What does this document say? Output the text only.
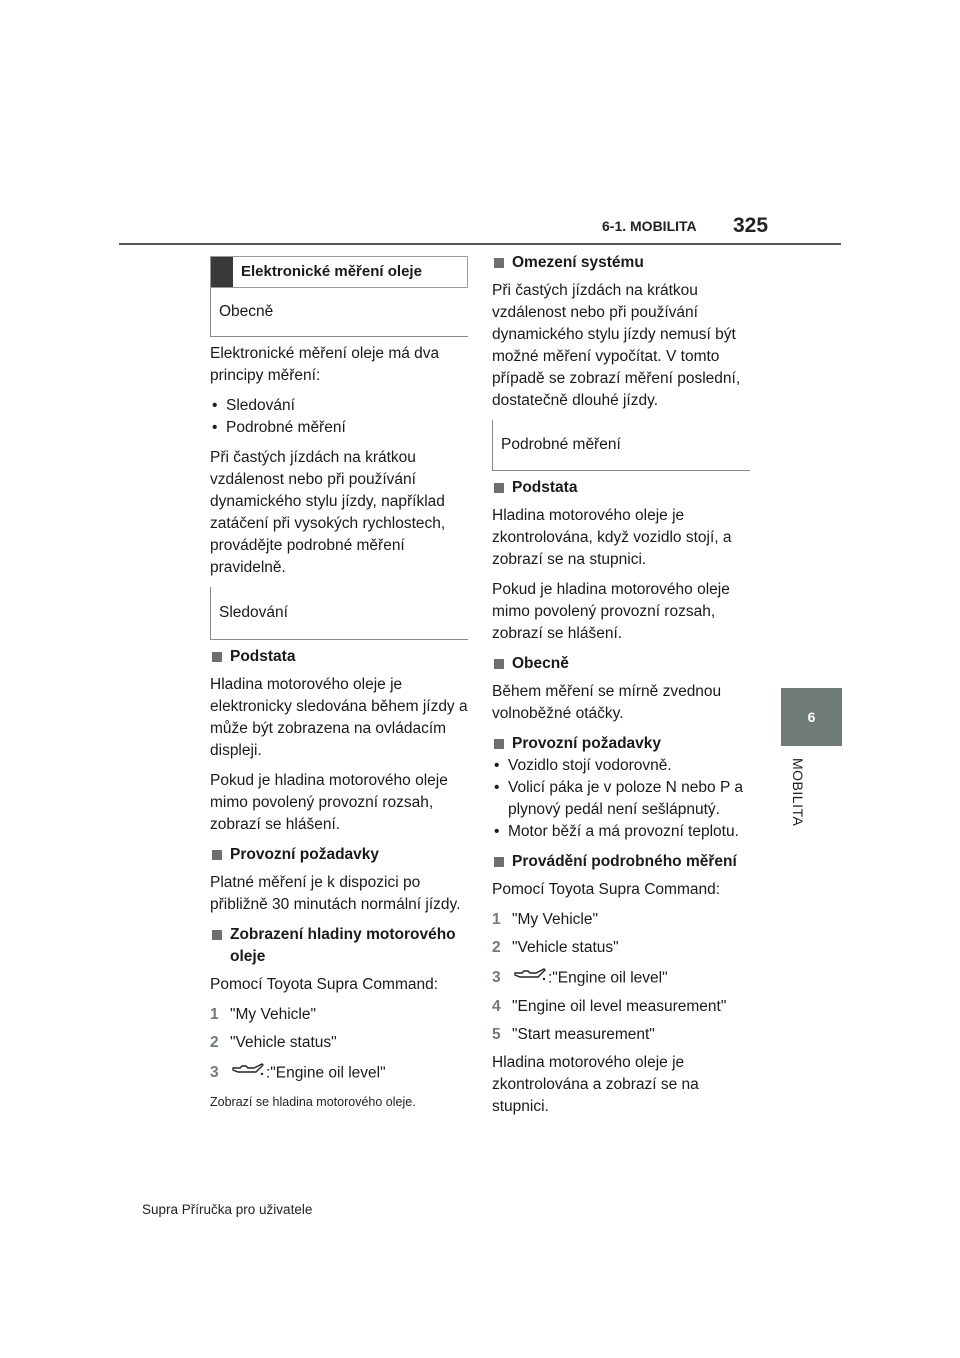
6-1. MOBILITA 325
6
MOBILITA
Elektronické měření oleje
Obecně

Elektronické měření oleje má dva principy měření:

• Sledování
• Podrobné měření

Při častých jízdách na krátkou vzdálenost nebo při používání dynamického stylu jízdy, například zatáčení při vysokých rychlostech, provádějte podrobné měření pravidelně.

Sledování
Podstata

Hladina motorového oleje je elektronicky sledována během jízdy a může být zobrazena na ovládacím displeji.

Pokud je hladina motorového oleje mimo povolený provozní rozsah, zobrazí se hlášení.

Provozní požadavky

Platné měření je k dispozici po přibližně 30 minutách normální jízdy.

Zobrazení hladiny motorového oleje

Pomocí Toyota Supra Command:

1 "My Vehicle"
2 "Vehicle status"
3	:"Engine oil level"
Zobrazí se hladina motorového oleje.
Omezení systému

Při častých jízdách na krátkou vzdálenost nebo při používání dynamického stylu jízdy nemusí být možné měření vypočítat. V tomto případě se zobrazí měření poslední, dostatečně dlouhé jízdy.

Podrobné měření
Podstata

Hladina motorového oleje je zkontrolována, když vozidlo stojí, a zobrazí se na stupnici.

Pokud je hladina motorového oleje mimo povolený provozní rozsah, zobrazí se hlášení.

Obecně

Během měření se mírně zvednou volnoběžné otáčky.

Provozní požadavky
• Vozidlo stojí vodorovně.
• Volicí páka je v poloze N nebo P a plynový pedál není sešlápnutý.
• Motor běží a má provozní teplotu.
Provádění podrobného měření

Pomocí Toyota Supra Command:

1 "My Vehicle"
2 "Vehicle status"
3	:"Engine oil level"
4 "Engine oil level measurement"
5 "Start measurement"

Hladina motorového oleje je zkontrolována a zobrazí se na stupnici.

Supra Příručka pro uživatele
